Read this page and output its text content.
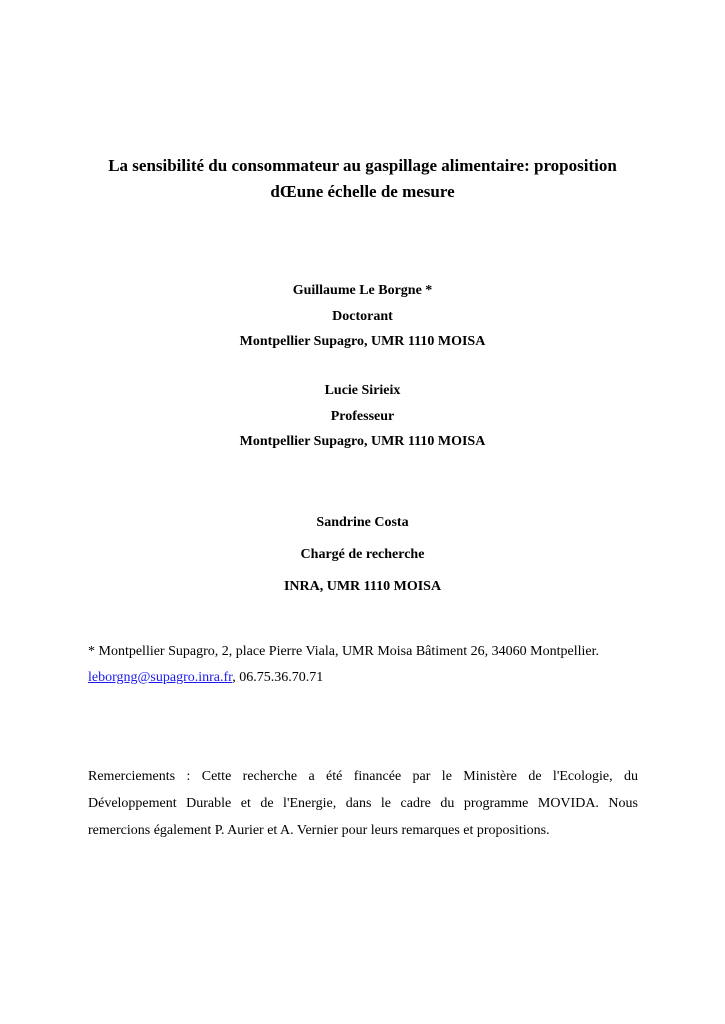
La sensibilité du consommateur au gaspillage alimentaire: proposition
dŒune échelle de mesure
Guillaume Le Borgne *
Doctorant
Montpellier Supagro, UMR 1110 MOISA
Lucie Sirieix
Professeur
Montpellier Supagro, UMR 1110 MOISA
Sandrine Costa
Chargé de recherche
INRA, UMR 1110 MOISA
* Montpellier Supagro, 2, place Pierre Viala, UMR Moisa Bâtiment 26, 34060 Montpellier.
leborgng@supagro.inra.fr, 06.75.36.70.71
Remerciements : Cette recherche a été financée par le Ministère de l'Ecologie, du
Développement Durable et de l'Energie, dans le cadre du programme MOVIDA. Nous
remercions également P. Aurier et A. Vernier pour leurs remarques et propositions.
